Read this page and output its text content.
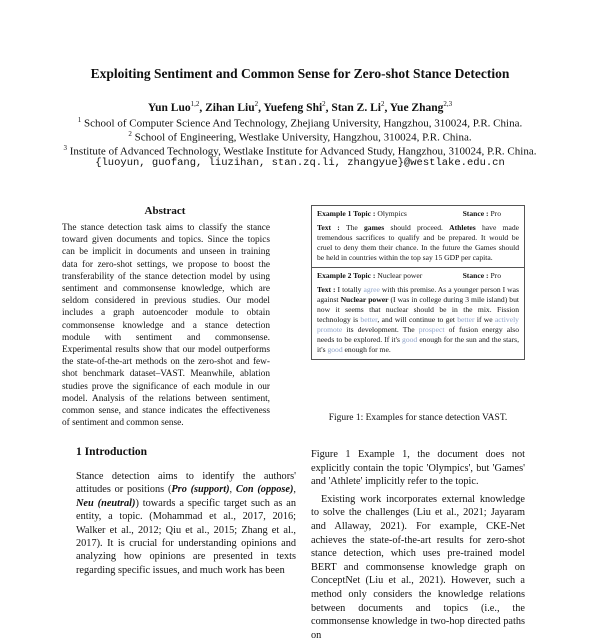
Exploiting Sentiment and Common Sense for Zero-shot Stance Detection
Yun Luo$^{1,2}$, Zihan Liu$^2$, Yuefeng Shi$^2$, Stan Z. Li$^2$, Yue Zhang$^{2,3}$
$^1$ School of Computer Science And Technology, Zhejiang University, Hangzhou, 310024, P.R. China.
$^2$ School of Engineering, Westlake University, Hangzhou, 310024, P.R. China.
$^3$ Institute of Advanced Technology, Westlake Institute for Advanced Study, Hangzhou, 310024, P.R. China.
{luoyun, guofang, liuzihan, stan.zq.li, zhangyue}@westlake.edu.cn
Abstract
The stance detection task aims to classify the stance toward given documents and topics. Since the topics can be implicit in documents and unseen in training data for zero-shot settings, we propose to boost the transferability of the stance detection model by using sentiment and commonsense knowledge, which are seldom considered in previous studies. Our model includes a graph autoencoder module to obtain commonsense knowledge and a stance detection module with sentiment and commonsense. Experimental results show that our model outperforms the state-of-the-art methods on the zero-shot and few-shot benchmark dataset–VAST. Meanwhile, ablation studies prove the significance of each module in our model. Analysis of the relations between sentiment, common sense, and stance indicates the effectiveness of sentiment and common sense.
1 Introduction
Stance detection aims to identify the authors' attitudes or positions (Pro (support), Con (oppose), Neu (neutral)) towards a specific target such as an entity, a topic. (Mohammad et al., 2017, 2016; Walker et al., 2012; Qiu et al., 2015; Zhang et al., 2017). It is crucial for understanding opinions and analyzing how opinions are presented in texts regarding specific issues, and much work has been
Example 1 Topic : Olympics	Stance : Pro
Text : The games should proceed. Athletes have made tremendous sacrifices to qualify and be prepared. It would be cruel to deny them their chance. In the future the Games should be held in countries within the top say 15 GDP per capita.
Example 2 Topic : Nuclear power	Stance : Pro
Text : I totally agree with this premise. As a younger person I was against Nuclear power (I was in college during 3 mile island) but now it seems that nuclear should be in the mix. Fission technology is better, and will continue to get better if we actively promote its development. The prospect of fusion energy also needs to be explored. If it's good enough for the sun and the stars, it's good enough for me.
Figure 1: Examples for stance detection VAST.

Figure 1 Example 1, the document does not explicitly contain the topic 'Olympics', but 'Games' and 'Athlete' implicitly refer to the topic.

Existing work incorporates external knowledge to solve the challenges (Liu et al., 2021; Jayaram and Allaway, 2021). For example, CKE-Net achieves the state-of-the-art results for zero-shot stance detection, which uses pre-trained model BERT and commonsense knowledge graph on ConceptNet (Liu et al., 2021). However, such a method only considers the knowledge relations between documents and topics (i.e., the commonsense knowledge in two-hop directed paths on
